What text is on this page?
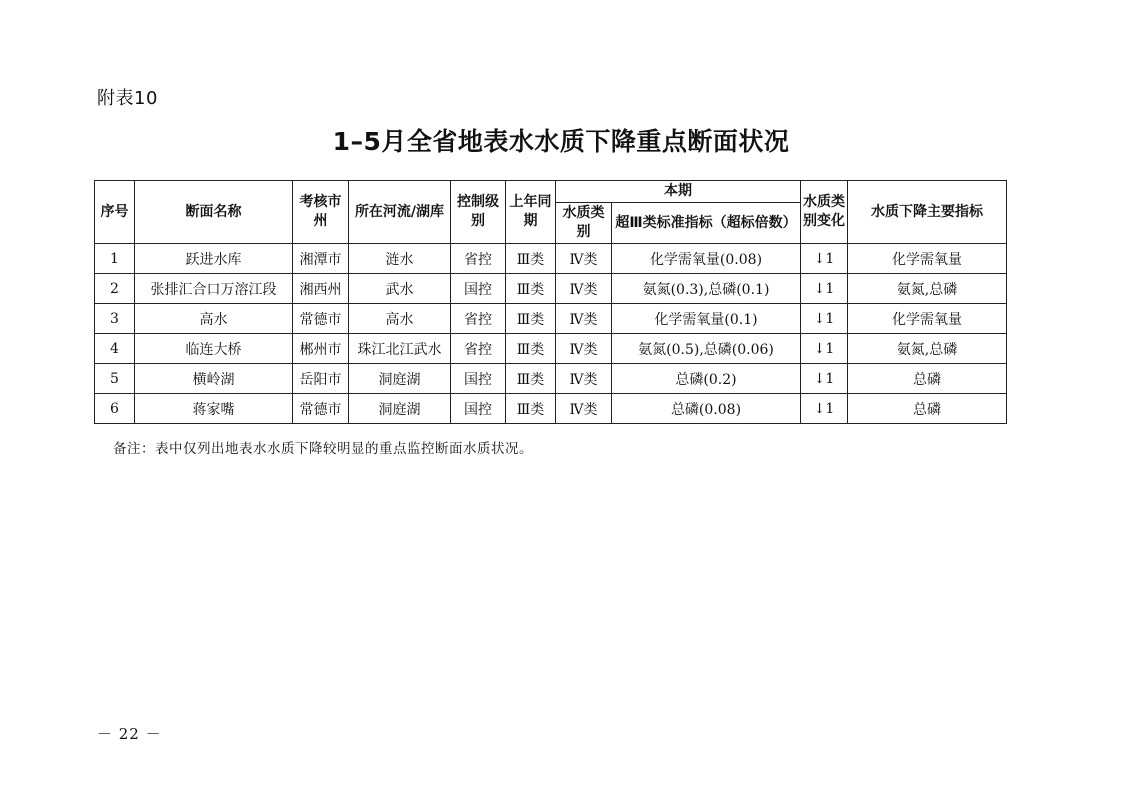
附表10
1–5月全省地表水水质下降重点断面状况
序号	断面名称	考核市州	所在河流/湖库	控制级别	上年同期	本期		水质类别变化	水质下降主要指标
						水质类别	超Ⅲ类标准指标（超标倍数）		
1	跃进水库	湘潭市	涟水	省控	Ⅲ类	Ⅳ类	化学需氧量(0.08)	↓1	化学需氧量
2	张排汇合口万溶江段	湘西州	武水	国控	Ⅲ类	Ⅳ类	氨氮(0.3),总磷(0.1)	↓1	氨氮,总磷
3	高水	常德市	高水	省控	Ⅲ类	Ⅳ类	化学需氧量(0.1)	↓1	化学需氧量
4	临连大桥	郴州市	珠江北江武水	省控	Ⅲ类	Ⅳ类	氨氮(0.5),总磷(0.06)	↓1	氨氮,总磷
5	横岭湖	岳阳市	洞庭湖	国控	Ⅲ类	Ⅳ类	总磷(0.2)	↓1	总磷
6	蒋家嘴	常德市	洞庭湖	国控	Ⅲ类	Ⅳ类	总磷(0.08)	↓1	总磷
备注：表中仅列出地表水水质下降较明显的重点监控断面水质状况。
－ 22 －
